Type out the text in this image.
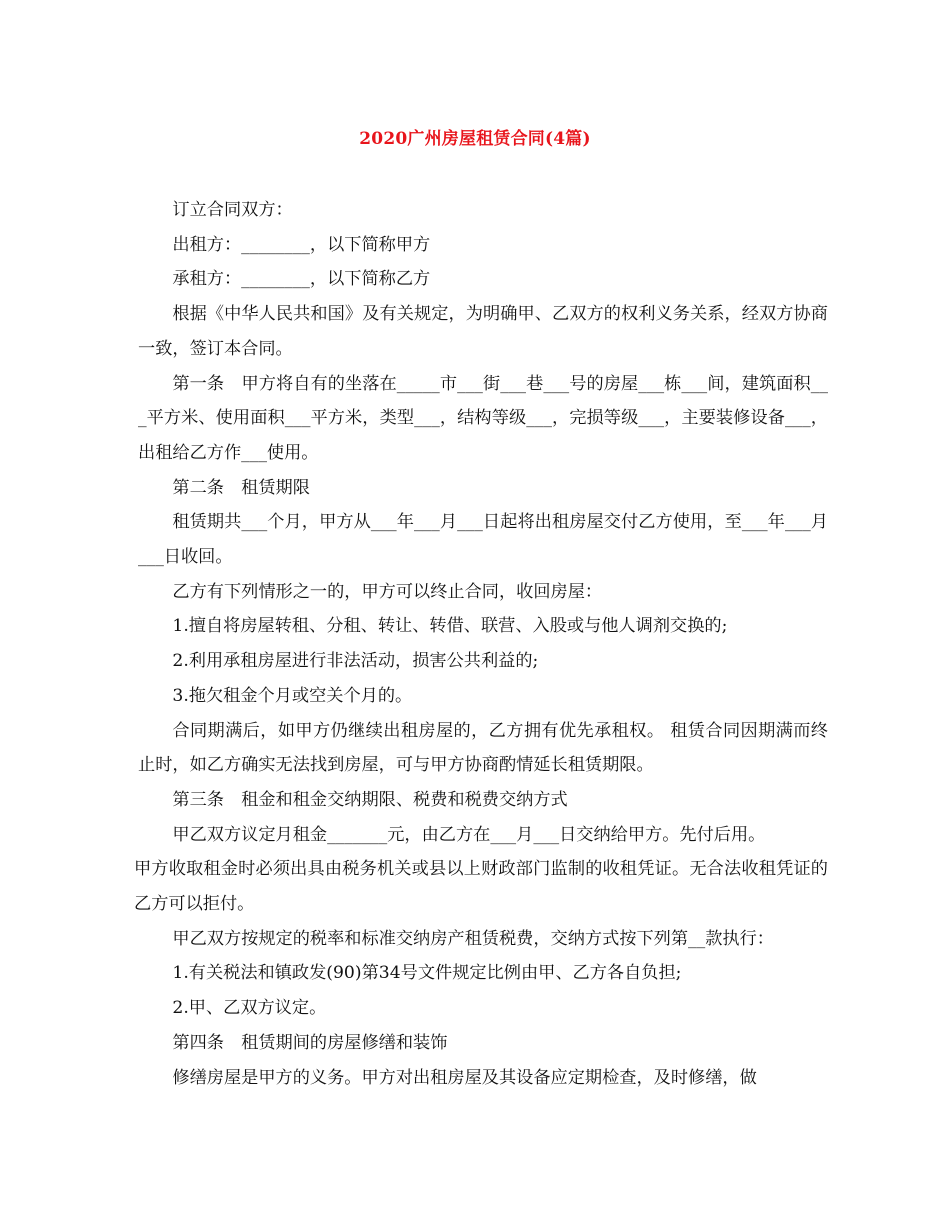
2020广州房屋租赁合同(4篇)

订立合同双方：

出租方：________，以下简称甲方

承租方：________，以下简称乙方

根据《中华人民共和国》及有关规定，为明确甲、乙双方的权利义务关系，经双方协商一致，签订本合同。

第一条　甲方将自有的坐落在_____市___街___巷___号的房屋___栋___间，建筑面积___平方米、使用面积___平方米，类型___，结构等级___，完损等级___，主要装修设备___，出租给乙方作___使用。

第二条　租赁期限

租赁期共___个月，甲方从___年___月___日起将出租房屋交付乙方使用，至___年___月___日收回。

乙方有下列情形之一的，甲方可以终止合同，收回房屋：

1.擅自将房屋转租、分租、转让、转借、联营、入股或与他人调剂交换的;

2.利用承租房屋进行非法活动，损害公共利益的;

3.拖欠租金个月或空关个月的。

合同期满后，如甲方仍继续出租房屋的，乙方拥有优先承租权。 租赁合同因期满而终止时，如乙方确实无法找到房屋，可与甲方协商酌情延长租赁期限。

第三条　租金和租金交纳期限、税费和税费交纳方式

甲乙双方议定月租金_______元，由乙方在___月___日交纳给甲方。先付后用。

甲方收取租金时必须出具由税务机关或县以上财政部门监制的收租凭证。无合法收租凭证的乙方可以拒付。

甲乙双方按规定的税率和标准交纳房产租赁税费，交纳方式按下列第__款执行：

1.有关税法和镇政发(90)第34号文件规定比例由甲、乙方各自负担;

2.甲、乙双方议定。

第四条　租赁期间的房屋修缮和装饰

修缮房屋是甲方的义务。甲方对出租房屋及其设备应定期检查，及时修缮，做
